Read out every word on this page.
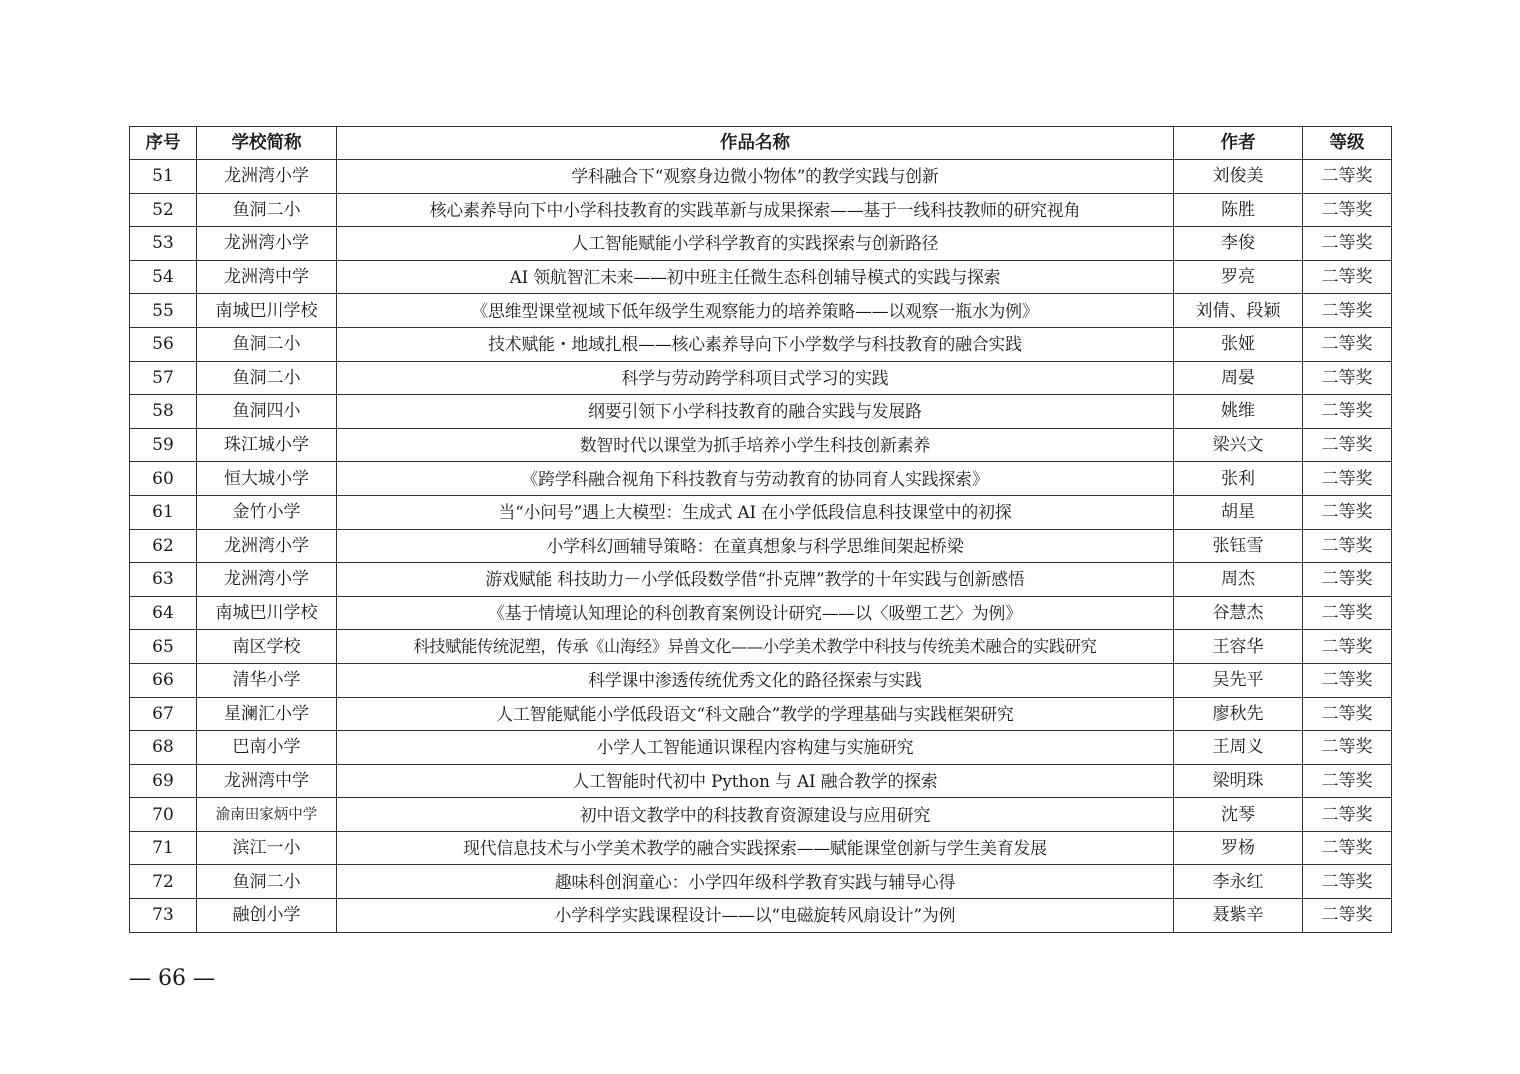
序号	学校简称	作品名称	作者	等级
51	龙洲湾小学	学科融合下“观察身边微小物体”的教学实践与创新	刘俊美	二等奖
52	鱼洞二小	核心素养导向下中小学科技教育的实践革新与成果探索——基于一线科技教师的研究视角	陈胜	二等奖
53	龙洲湾小学	人工智能赋能小学科学教育的实践探索与创新路径	李俊	二等奖
54	龙洲湾中学	AI 领航智汇未来——初中班主任微生态科创辅导模式的实践与探索	罗亮	二等奖
55	南城巴川学校	《思维型课堂视域下低年级学生观察能力的培养策略——以观察一瓶水为例》	刘倩、段颖	二等奖
56	鱼洞二小	技术赋能・地域扎根——核心素养导向下小学数学与科技教育的融合实践	张娅	二等奖
57	鱼洞二小	科学与劳动跨学科项目式学习的实践	周晏	二等奖
58	鱼洞四小	纲要引领下小学科技教育的融合实践与发展路	姚维	二等奖
59	珠江城小学	数智时代以课堂为抓手培养小学生科技创新素养	梁兴文	二等奖
60	恒大城小学	《跨学科融合视角下科技教育与劳动教育的协同育人实践探索》	张利	二等奖
61	金竹小学	当“小问号”遇上大模型：生成式 AI 在小学低段信息科技课堂中的初探	胡星	二等奖
62	龙洲湾小学	小学科幻画辅导策略：在童真想象与科学思维间架起桥梁	张钰雪	二等奖
63	龙洲湾小学	游戏赋能 科技助力－小学低段数学借“扑克牌”教学的十年实践与创新感悟	周杰	二等奖
64	南城巴川学校	《基于情境认知理论的科创教育案例设计研究——以〈吸塑工艺〉为例》	谷慧杰	二等奖
65	南区学校	科技赋能传统泥塑，传承《山海经》异兽文化——小学美术教学中科技与传统美术融合的实践研究	王容华	二等奖
66	清华小学	科学课中渗透传统优秀文化的路径探索与实践	吴先平	二等奖
67	星澜汇小学	人工智能赋能小学低段语文“科文融合”教学的学理基础与实践框架研究	廖秋先	二等奖
68	巴南小学	小学人工智能通识课程内容构建与实施研究	王周义	二等奖
69	龙洲湾中学	人工智能时代初中 Python 与 AI 融合教学的探索	梁明珠	二等奖
70	渝南田家炳中学	初中语文教学中的科技教育资源建设与应用研究	沈琴	二等奖
71	滨江一小	现代信息技术与小学美术教学的融合实践探索——赋能课堂创新与学生美育发展	罗杨	二等奖
72	鱼洞二小	趣味科创润童心：小学四年级科学教育实践与辅导心得	李永红	二等奖
73	融创小学	小学科学实践课程设计——以“电磁旋转风扇设计”为例	聂紫辛	二等奖
— 66 —
